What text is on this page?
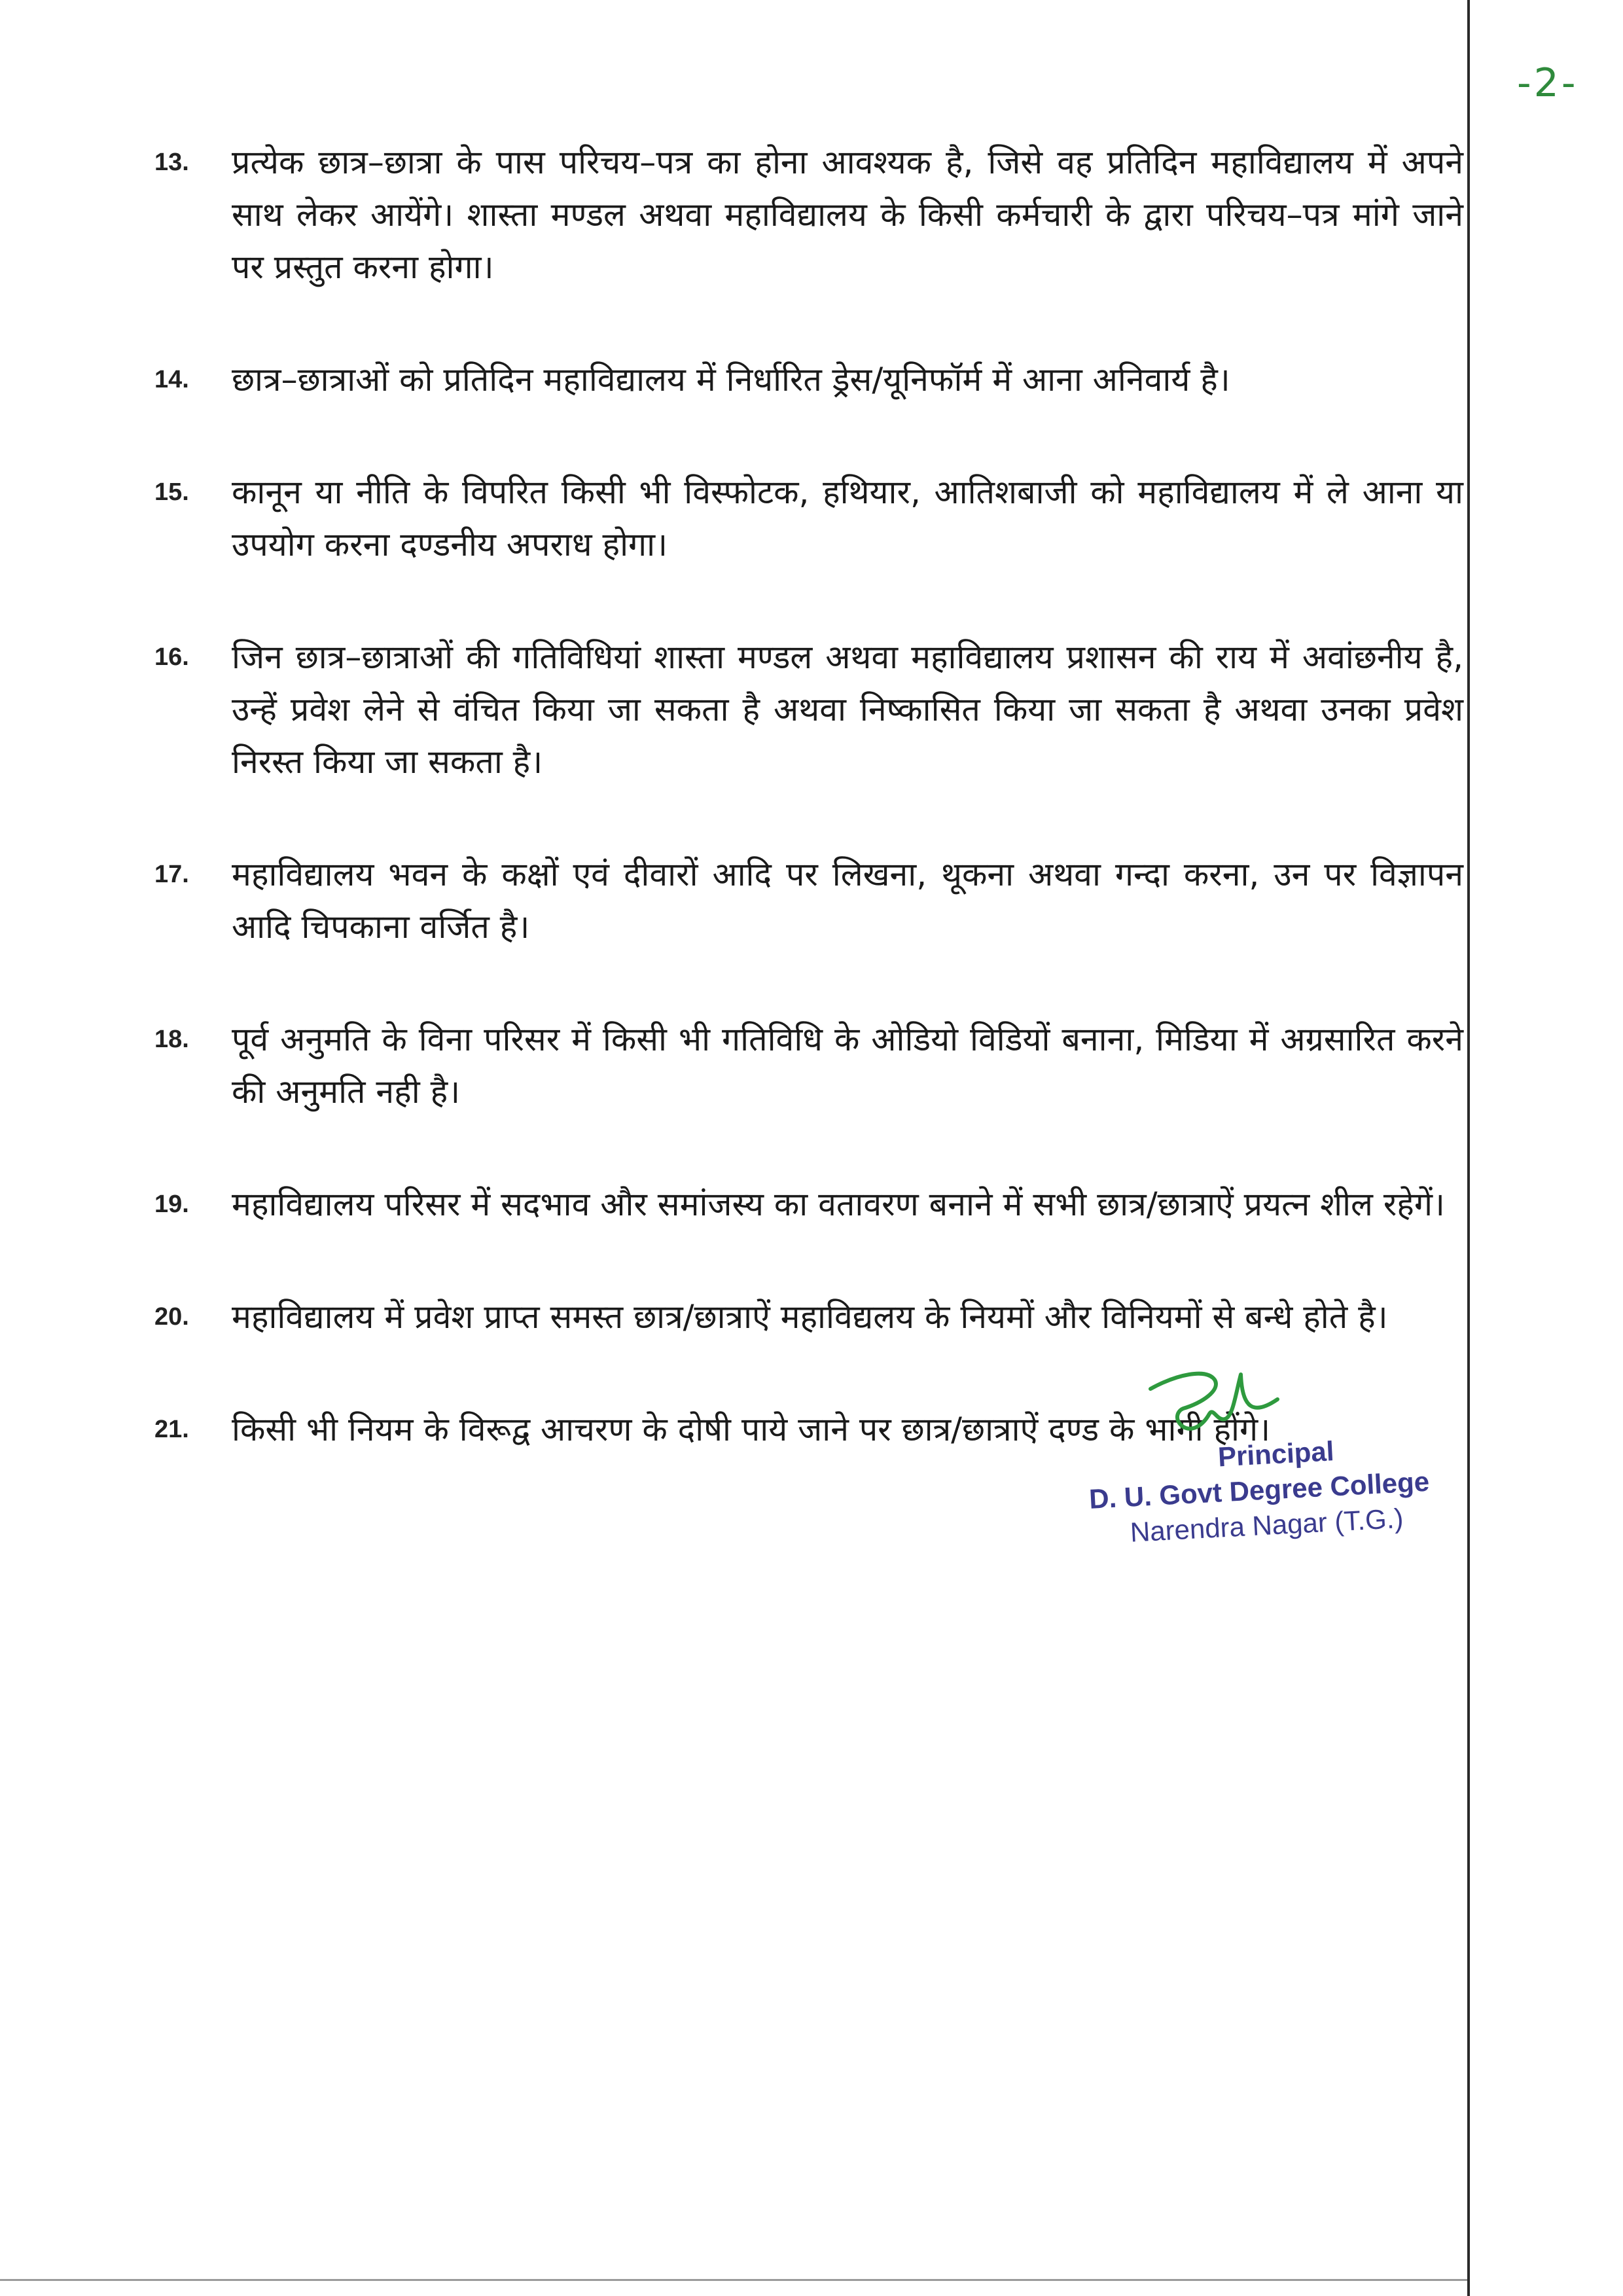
-2-
13. प्रत्येक छात्र–छात्रा के पास परिचय–पत्र का होना आवश्यक है, जिसे वह प्रतिदिन महाविद्यालय में अपने साथ लेकर आयेंगे। शास्ता मण्डल अथवा महाविद्यालय के किसी कर्मचारी के द्वारा परिचय–पत्र मांगे जाने पर प्रस्तुत करना होगा।
14. छात्र–छात्राओं को प्रतिदिन महाविद्यालय में निर्धारित ड्रेस/यूनिफॉर्म में आना अनिवार्य है।
15. कानून या नीति के विपरित किसी भी विस्फोटक, हथियार, आतिशबाजी को महाविद्यालय में ले आना या उपयोग करना दण्डनीय अपराध होगा।
16. जिन छात्र–छात्राओं की गतिविधियां शास्ता मण्डल अथवा महाविद्यालय प्रशासन की राय में अवांछनीय है, उन्हें प्रवेश लेने से वंचित किया जा सकता है अथवा निष्कासित किया जा सकता है अथवा उनका प्रवेश निरस्त किया जा सकता है।
17. महाविद्यालय भवन के कक्षों एवं दीवारों आदि पर लिखना, थूकना अथवा गन्दा करना, उन पर विज्ञापन आदि चिपकाना वर्जित है।
18. पूर्व अनुमति के विना परिसर में किसी भी गतिविधि के ओडियो विडियों बनाना, मिडिया में अग्रसारित करने की अनुमति नही है।
19. महाविद्यालय परिसर में सदभाव और समांजस्य का वतावरण बनाने में सभी छात्र/छात्राऐं प्रयत्न शील रहेगें।
20. महाविद्यालय में प्रवेश प्राप्त समस्त छात्र/छात्राऐं महाविद्यलय के नियमों और विनियमों से बन्धे होते है।
21. किसी भी नियम के विरूद्व आचरण के दोषी पाये जाने पर छात्र/छात्राऐं दण्ड के भागी होंगे।
Principal
D. U. Govt Degree College
Narendra Nagar (T.G.)
